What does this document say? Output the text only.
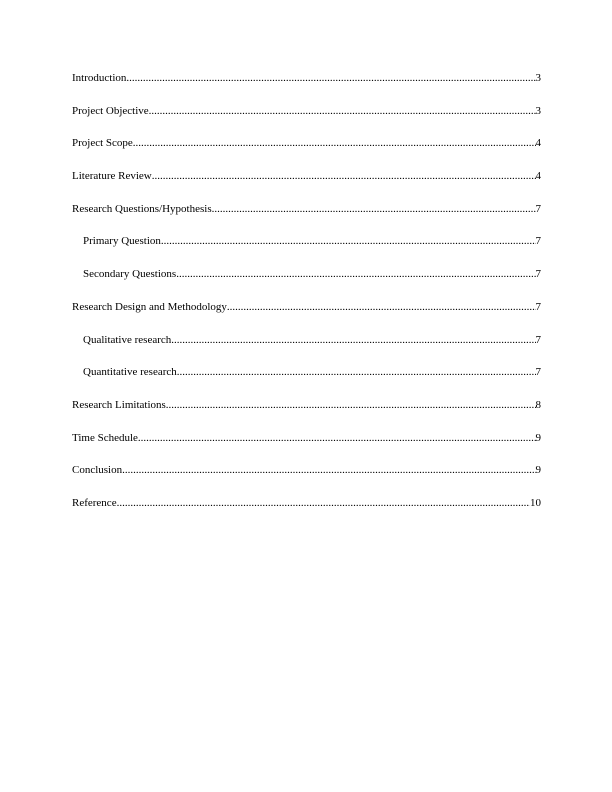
Introduction .....	3
Project Objective .....	3
Project Scope .....	4
Literature Review .....	4
Research Questions/Hypothesis .....	7
Primary Question .....	7
Secondary Questions .....	7
Research Design and Methodology .....	7
Qualitative research .....	7
Quantitative research .....	7
Research Limitations .....	8
Time Schedule .....	9
Conclusion .....	9
Reference .....	10
